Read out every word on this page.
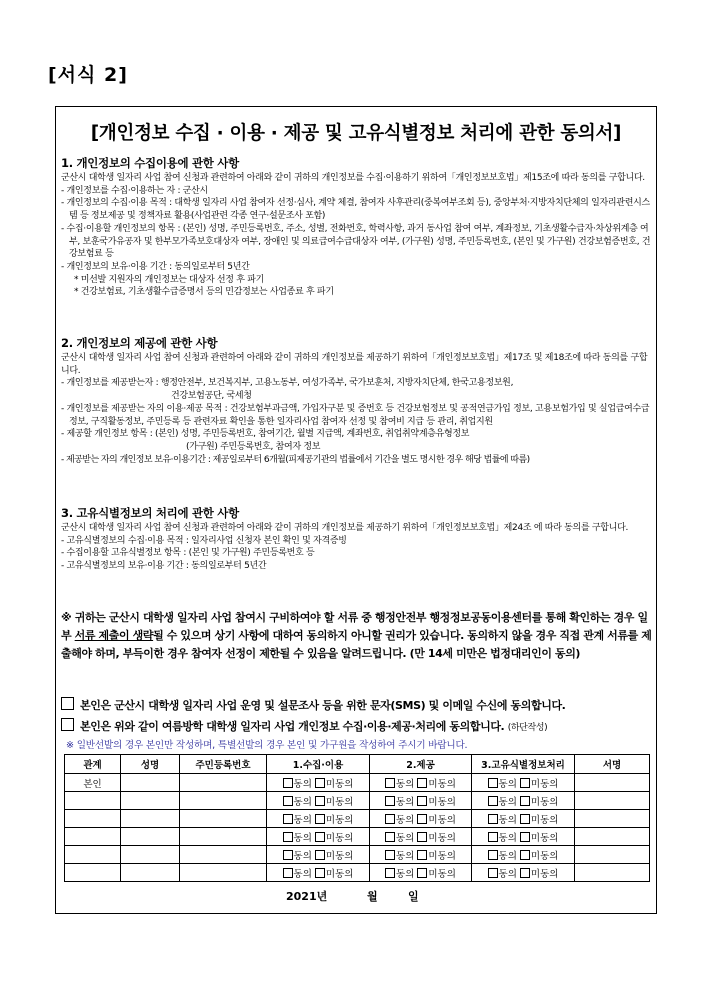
[서식 2]
[개인정보 수집 · 이용 · 제공 및 고유식별정보 처리에 관한 동의서]
1. 개인정보의 수집이용에 관한 사항

군산시 대학생 일자리 사업 참여 신청과 관련하여 아래와 같이 귀하의 개인정보를 수집·이용하기 위하여「개인정보보호법」제15조에 따라 동의를 구합니다.

- 개인정보를 수집·이용하는 자 : 군산시

- 개인정보의 수집·이용 목적 : 대학생 일자리 사업 참여자 선정·심사, 계약 체결, 참여자 사후관리(중복여부조회 등), 중앙부처·지방자치단체의 일자리관련시스템 등 정보제공 및 정책자료 활용(사업관련 각종 연구·설문조사 포함)

- 수집·이용할 개인정보의 항목 : (본인) 성명, 주민등록번호, 주소, 성별, 전화번호, 학력사항, 과거 동사업 참여 여부, 계좌정보, 기초생활수급자·차상위계층 여부, 보훈국가유공자 및 한부모가족보호대상자 여부, 장애인 및 의료급여수급대상자 여부, (가구원) 성명, 주민등록번호, (본인 및 가구원) 건강보험증번호, 건강보험료 등

- 개인정보의 보유·이용 기간 : 동의일로부터 5년간

* 미선발 지원자의 개인정보는 대상자 선정 후 파기

* 건강보험료, 기초생활수급증명서 등의 민감정보는 사업종료 후 파기

2. 개인정보의 제공에 관한 사항

군산시 대학생 일자리 사업 참여 신청과 관련하여 아래와 같이 귀하의 개인정보를 제공하기 위하여「개인정보보호법」제17조 및 제18조에 따라 동의를 구합니다.

- 개인정보를 제공받는자 : 행정안전부, 보건복지부, 고용노동부, 여성가족부, 국가보훈처, 지방자치단체, 한국고용정보원,

건강보험공단, 국세청

- 개인정보를 제공받는 자의 이용·제공 목적 : 건강보험부과금액, 가입자구분 및 증번호 등 건강보험정보 및 공적연금가입 정보, 고용보험가입 및 실업급여수급정보, 구직활동정보, 주민등록 등 관련자료 확인을 통한 일자리사업 참여자 선정 및 참여비 지급 등 관리, 취업지원

- 제공할 개인정보 항목 : (본인) 성명, 주민등록번호, 참여기간, 월별 지급액, 계좌번호, 취업취약계층유형정보

(가구원) 주민등록번호, 참여자 정보

- 제공받는 자의 개인정보 보유·이용기간 : 제공일로부터 6개월(피제공기관의 법률에서 기간을 별도 명시한 경우 해당 법률에 따름)

3. 고유식별정보의 처리에 관한 사항

군산시 대학생 일자리 사업 참여 신청과 관련하여 아래와 같이 귀하의 개인정보를 제공하기 위하여「개인정보보호법」제24조 에 따라 동의를 구합니다.

- 고유식별정보의 수집·이용 목적 : 일자리사업 신청자 본인 확인 및 자격증빙

- 수집이용할 고유식별정보 항목 : (본인 및 가구원) 주민등록번호 등

- 고유식별정보의 보유·이용 기간 : 동의일로부터 5년간

※ 귀하는 군산시 대학생 일자리 사업 참여시 구비하여야 할 서류 중 행정안전부 행정정보공동이용센터를 통해 확인하는 경우 일부 서류 제출이 생략될 수 있으며 상기 사항에 대하여 동의하지 아니할 권리가 있습니다. 동의하지 않을 경우 직접 관계 서류를 제출해야 하며, 부득이한 경우 참여자 선정이 제한될 수 있음을 알려드립니다. (만 14세 미만은 법정대리인이 동의)
본인은 군산시 대학생 일자리 사업 운영 및 설문조사 등을 위한 문자(SMS) 및 이메일 수신에 동의합니다.
본인은 위와 같이 여름방학 대학생 일자리 사업 개인정보 수집·이용·제공·처리에 동의합니다. (하단작성)
※ 일반선발의 경우 본인만 작성하며, 특별선발의 경우 본인 및 가구원을 작성하여 주시기 바랍니다.
관계	성명	주민등록번호	1.수집·이용	2.제공	3.고유식별정보처리	서명
본인			동의 미동의	동의 미동의	동의 미동의	
			동의 미동의	동의 미동의	동의 미동의	
			동의 미동의	동의 미동의	동의 미동의	
			동의 미동의	동의 미동의	동의 미동의	
			동의 미동의	동의 미동의	동의 미동의	
			동의 미동의	동의 미동의	동의 미동의	
2021년	월	일
